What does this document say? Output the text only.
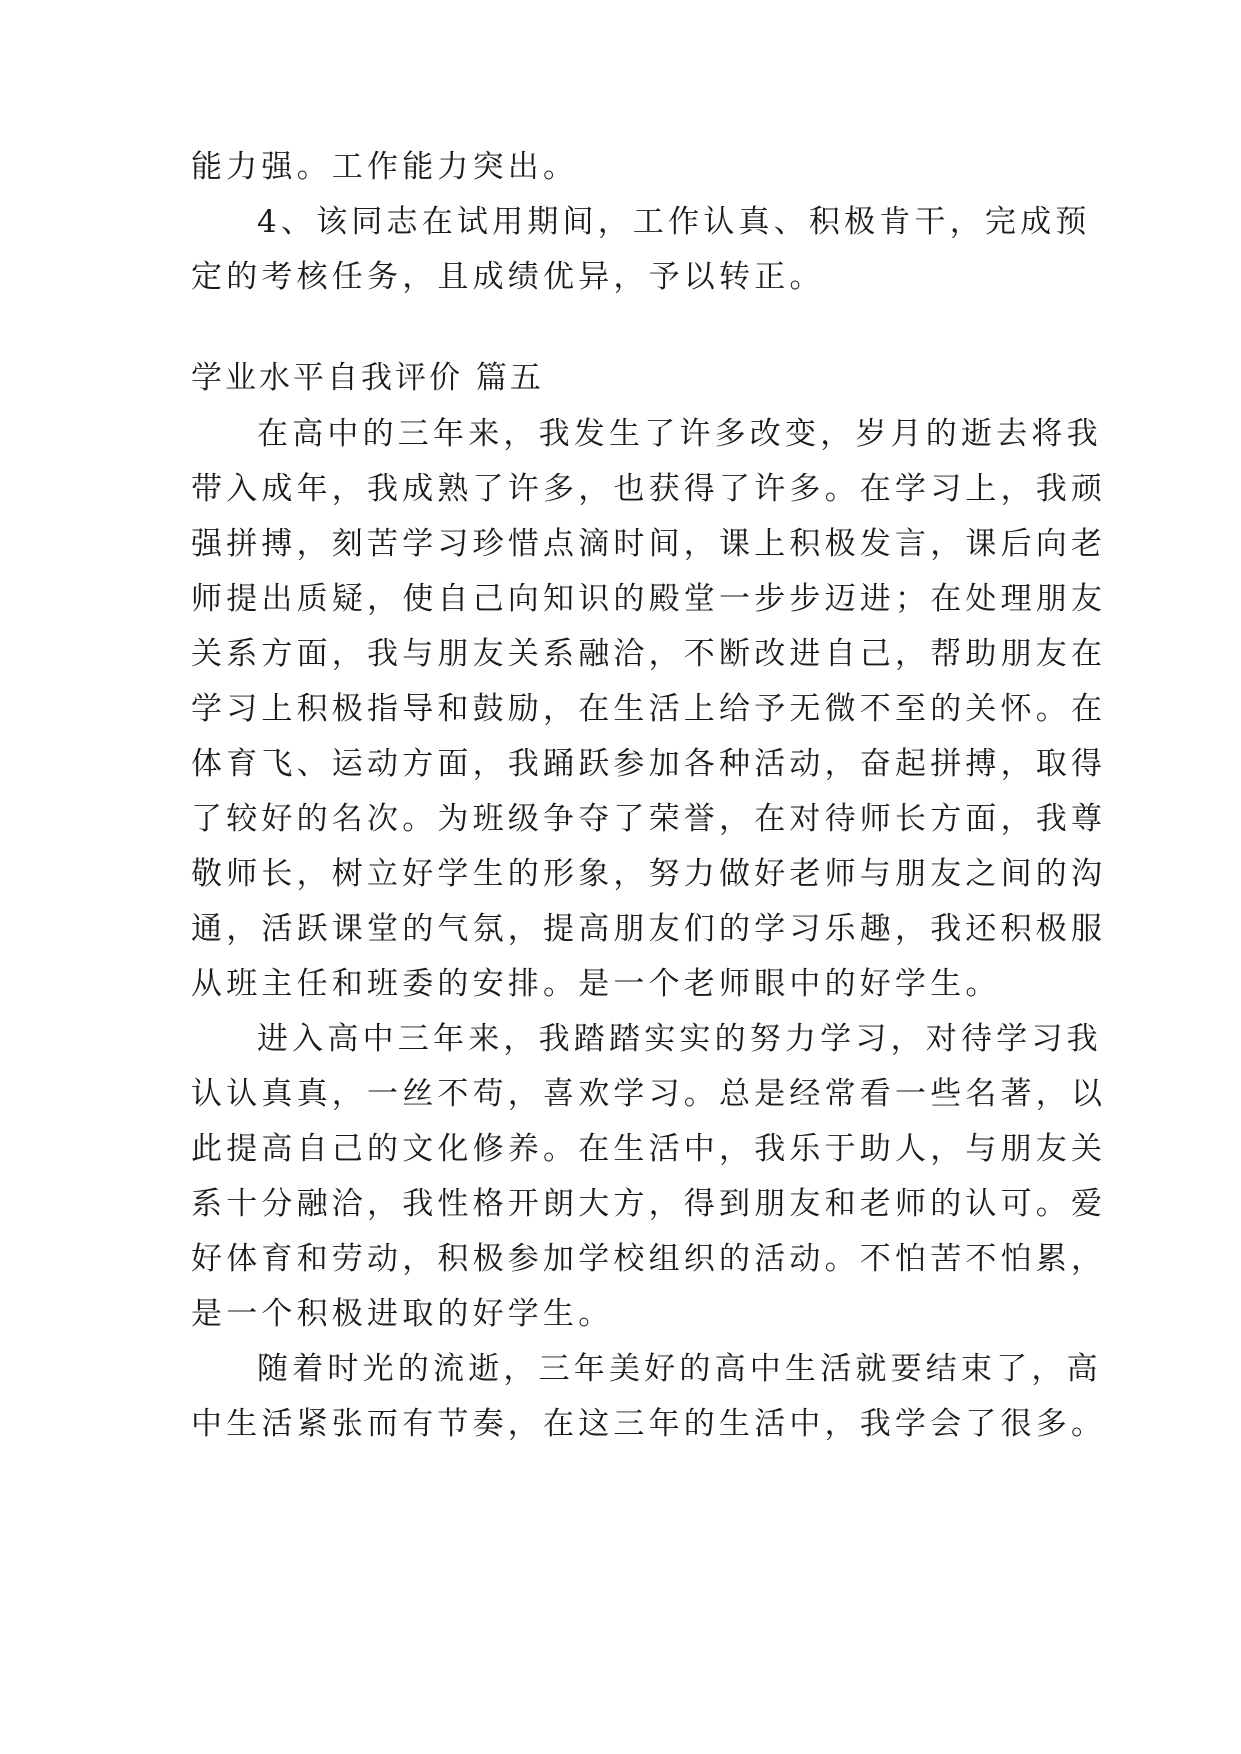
能力强。工作能力突出。
4、该同志在试用期间，工作认真、积极肯干，完成预
定的考核任务，且成绩优异，予以转正。
学业水平自我评价 篇五
在高中的三年来，我发生了许多改变，岁月的逝去将我
带入成年，我成熟了许多，也获得了许多。在学习上，我顽
强拼搏，刻苦学习珍惜点滴时间，课上积极发言，课后向老
师提出质疑，使自己向知识的殿堂一步步迈进；在处理朋友
关系方面，我与朋友关系融洽，不断改进自己，帮助朋友在
学习上积极指导和鼓励，在生活上给予无微不至的关怀。在
体育飞、运动方面，我踊跃参加各种活动，奋起拼搏，取得
了较好的名次。为班级争夺了荣誉，在对待师长方面，我尊
敬师长，树立好学生的形象，努力做好老师与朋友之间的沟
通，活跃课堂的气氛，提高朋友们的学习乐趣，我还积极服
从班主任和班委的安排。是一个老师眼中的好学生。
进入高中三年来，我踏踏实实的努力学习，对待学习我
认认真真，一丝不苟，喜欢学习。总是经常看一些名著，以
此提高自己的文化修养。在生活中，我乐于助人，与朋友关
系十分融洽，我性格开朗大方，得到朋友和老师的认可。爱
好体育和劳动，积极参加学校组织的活动。不怕苦不怕累，
是一个积极进取的好学生。
随着时光的流逝，三年美好的高中生活就要结束了，高
中生活紧张而有节奏，在这三年的生活中，我学会了很多。
